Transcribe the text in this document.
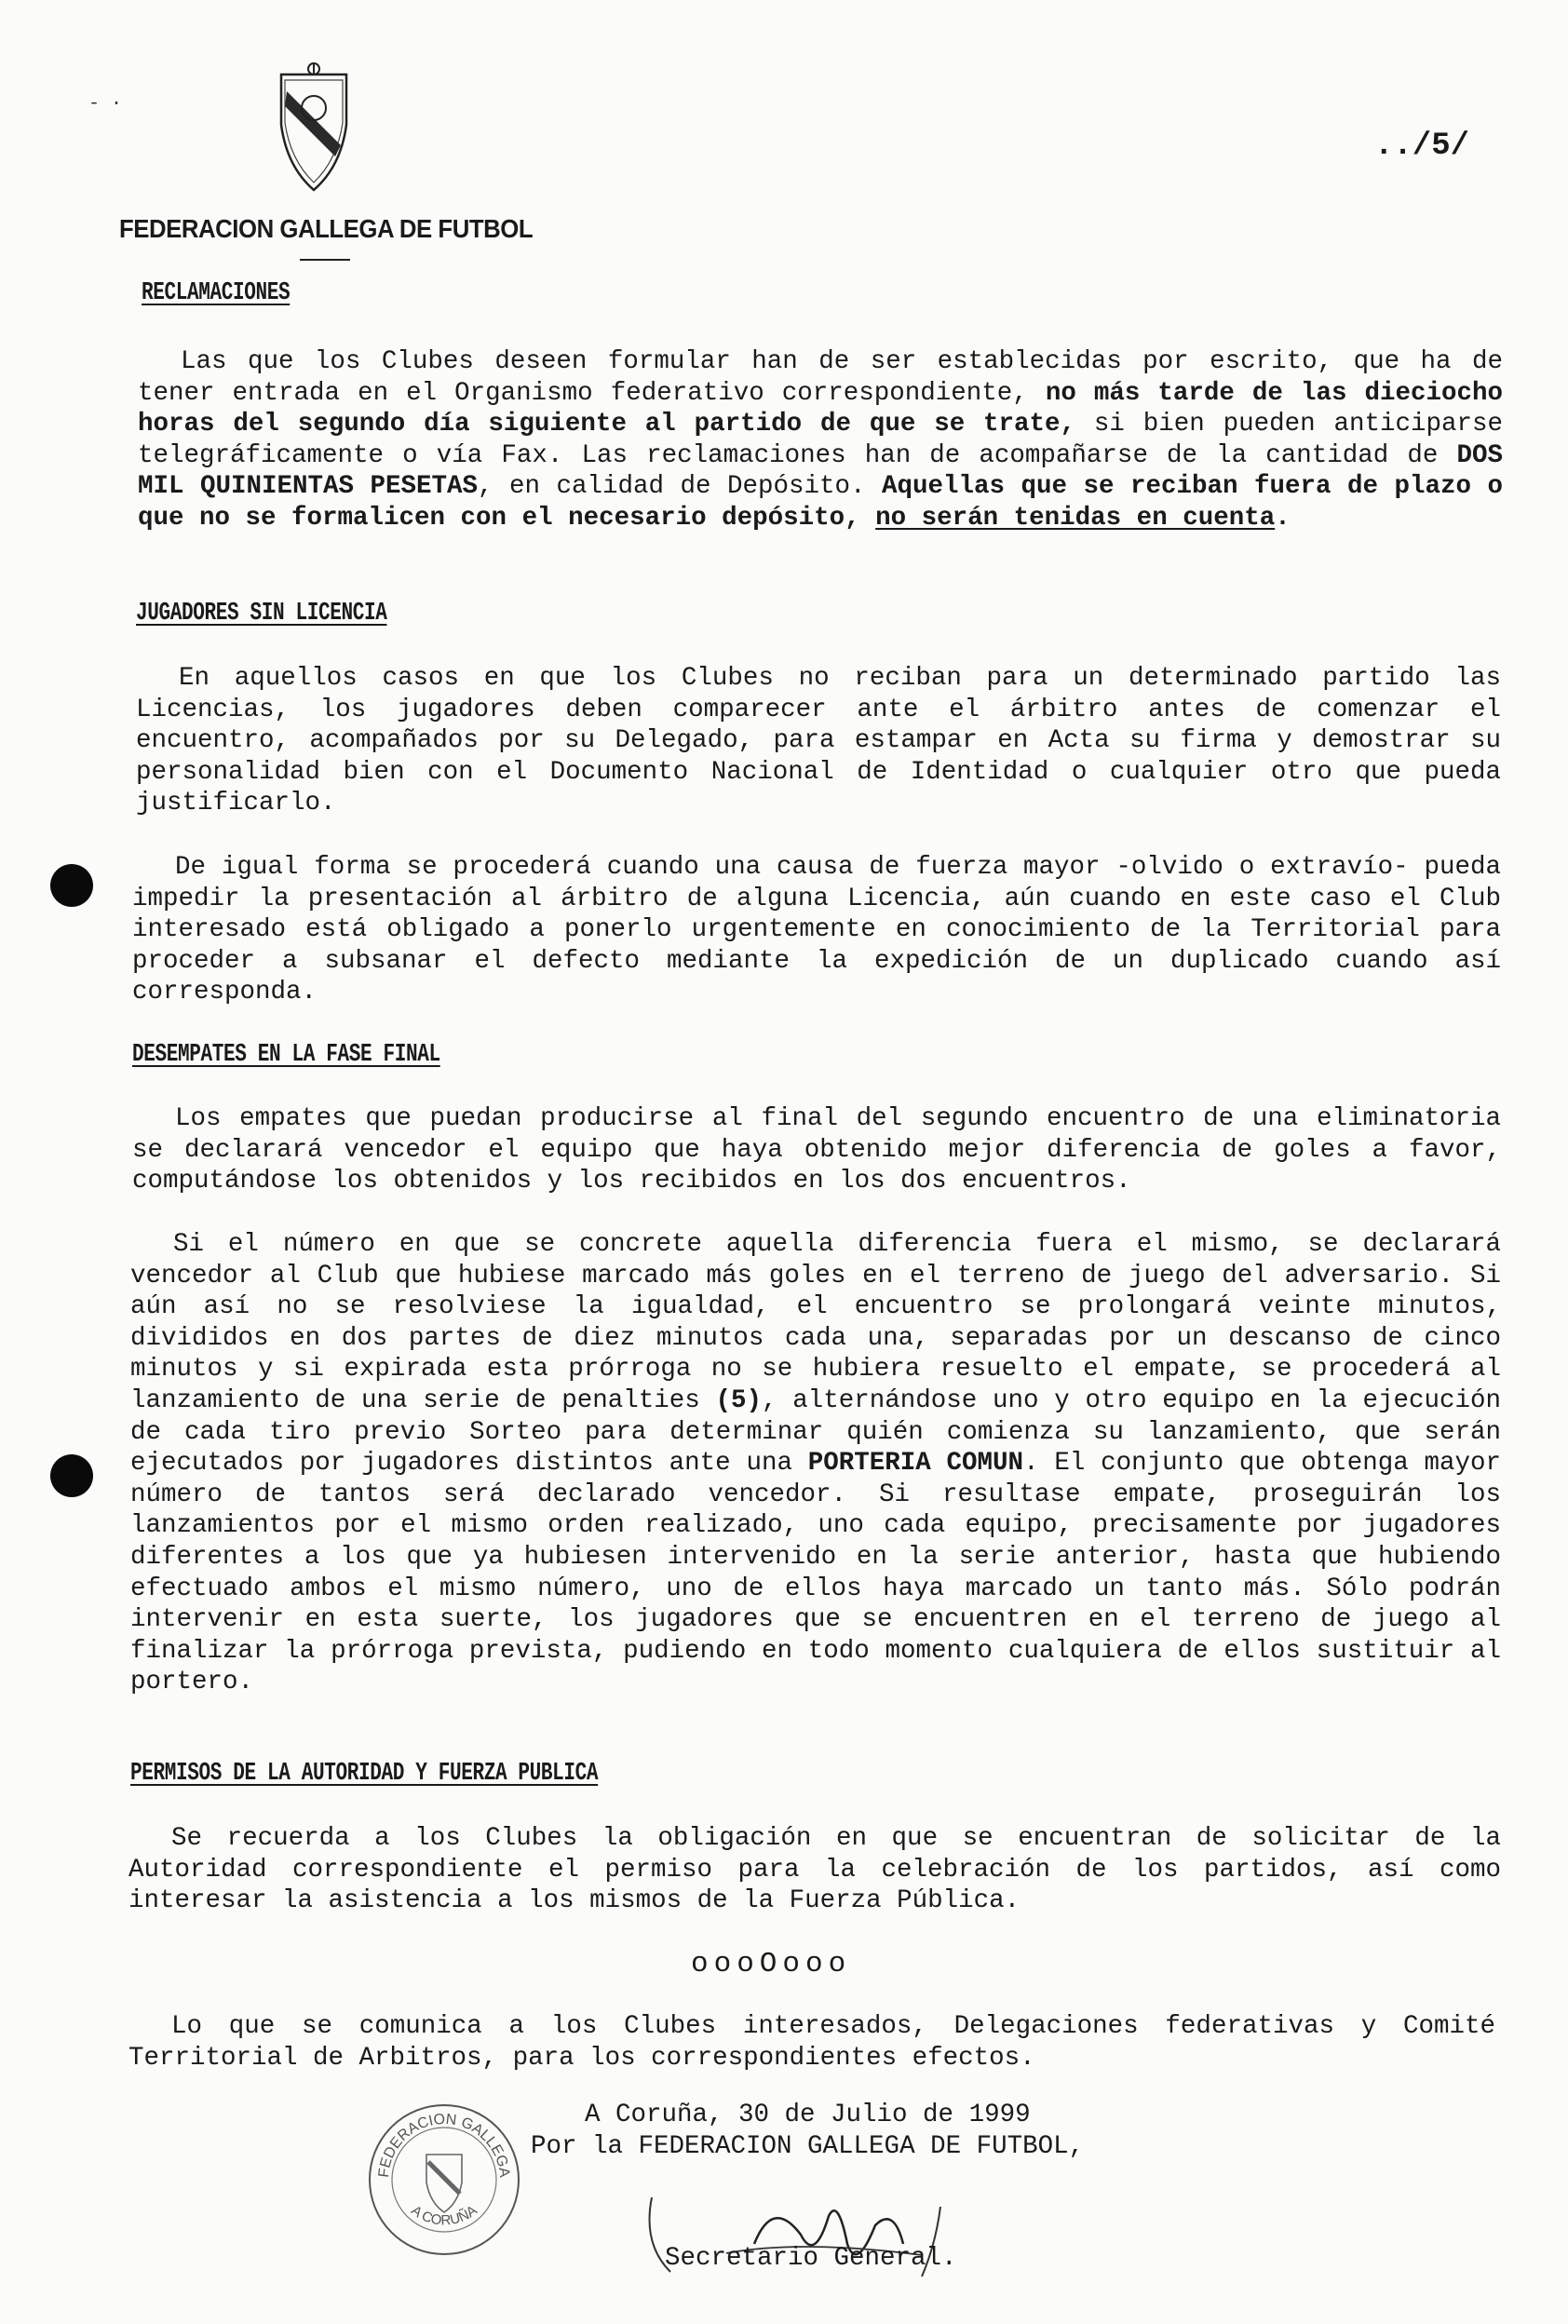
FEDERACION GALLEGA DE FUTBOL
../5/
- ·
RECLAMACIONES
Las que los Clubes deseen formular han de ser establecidas por escrito, que ha de tener entrada en el Organismo federativo correspondiente, no más tarde de las dieciocho horas del segundo día siguiente al partido de que se trate, si bien pueden anticiparse telegráficamente o vía Fax. Las reclamaciones han de acompañarse de la cantidad de DOS MIL QUINIENTAS PESETAS, en calidad de Depósito. Aquellas que se reciban fuera de plazo o que no se formalicen con el necesario depósito, no serán tenidas en cuenta.
JUGADORES SIN LICENCIA
En aquellos casos en que los Clubes no reciban para un determinado partido las Licencias, los jugadores deben comparecer ante el árbitro antes de comenzar el encuentro, acompañados por su Delegado, para estampar en Acta su firma y demostrar su personalidad bien con el Documento Nacional de Identidad o cualquier otro que pueda justificarlo.
De igual forma se procederá cuando una causa de fuerza mayor -olvido o extravío- pueda impedir la presentación al árbitro de alguna Licencia, aún cuando en este caso el Club interesado está obligado a ponerlo urgentemente en conocimiento de la Territorial para proceder a subsanar el defecto mediante la expedición de un duplicado cuando así corresponda.
DESEMPATES EN LA FASE FINAL
Los empates que puedan producirse al final del segundo encuentro de una eliminatoria se declarará vencedor el equipo que haya obtenido mejor diferencia de goles a favor, computándose los obtenidos y los recibidos en los dos encuentros.
Si el número en que se concrete aquella diferencia fuera el mismo, se declarará vencedor al Club que hubiese marcado más goles en el terreno de juego del adversario. Si aún así no se resolviese la igualdad, el encuentro se prolongará veinte minutos, divididos en dos partes de diez minutos cada una, separadas por un descanso de cinco minutos y si expirada esta prórroga no se hubiera resuelto el empate, se procederá al lanzamiento de una serie de penalties (5), alternándose uno y otro equipo en la ejecución de cada tiro previo Sorteo para determinar quién comienza su lanzamiento, que serán ejecutados por jugadores distintos ante una PORTERIA COMUN. El conjunto que obtenga mayor número de tantos será declarado vencedor. Si resultase empate, proseguirán los lanzamientos por el mismo orden realizado, uno cada equipo, precisamente por jugadores diferentes a los que ya hubiesen intervenido en la serie anterior, hasta que hubiendo efectuado ambos el mismo número, uno de ellos haya marcado un tanto más. Sólo podrán intervenir en esta suerte, los jugadores que se encuentren en el terreno de juego al finalizar la prórroga prevista, pudiendo en todo momento cualquiera de ellos sustituir al portero.
PERMISOS DE LA AUTORIDAD Y FUERZA PUBLICA
Se recuerda a los Clubes la obligación en que se encuentran de solicitar de la Autoridad correspondiente el permiso para la celebración de los partidos, así como interesar la asistencia a los mismos de la Fuerza Pública.
oooOooo
Lo que se comunica a los Clubes interesados, Delegaciones federativas y Comité Territorial de Arbitros, para los correspondientes efectos.
A Coruña, 30 de Julio de 1999
Por la FEDERACION GALLEGA DE FUTBOL,
FEDERACION GALLEGA
A CORUÑA
Secretario General.
